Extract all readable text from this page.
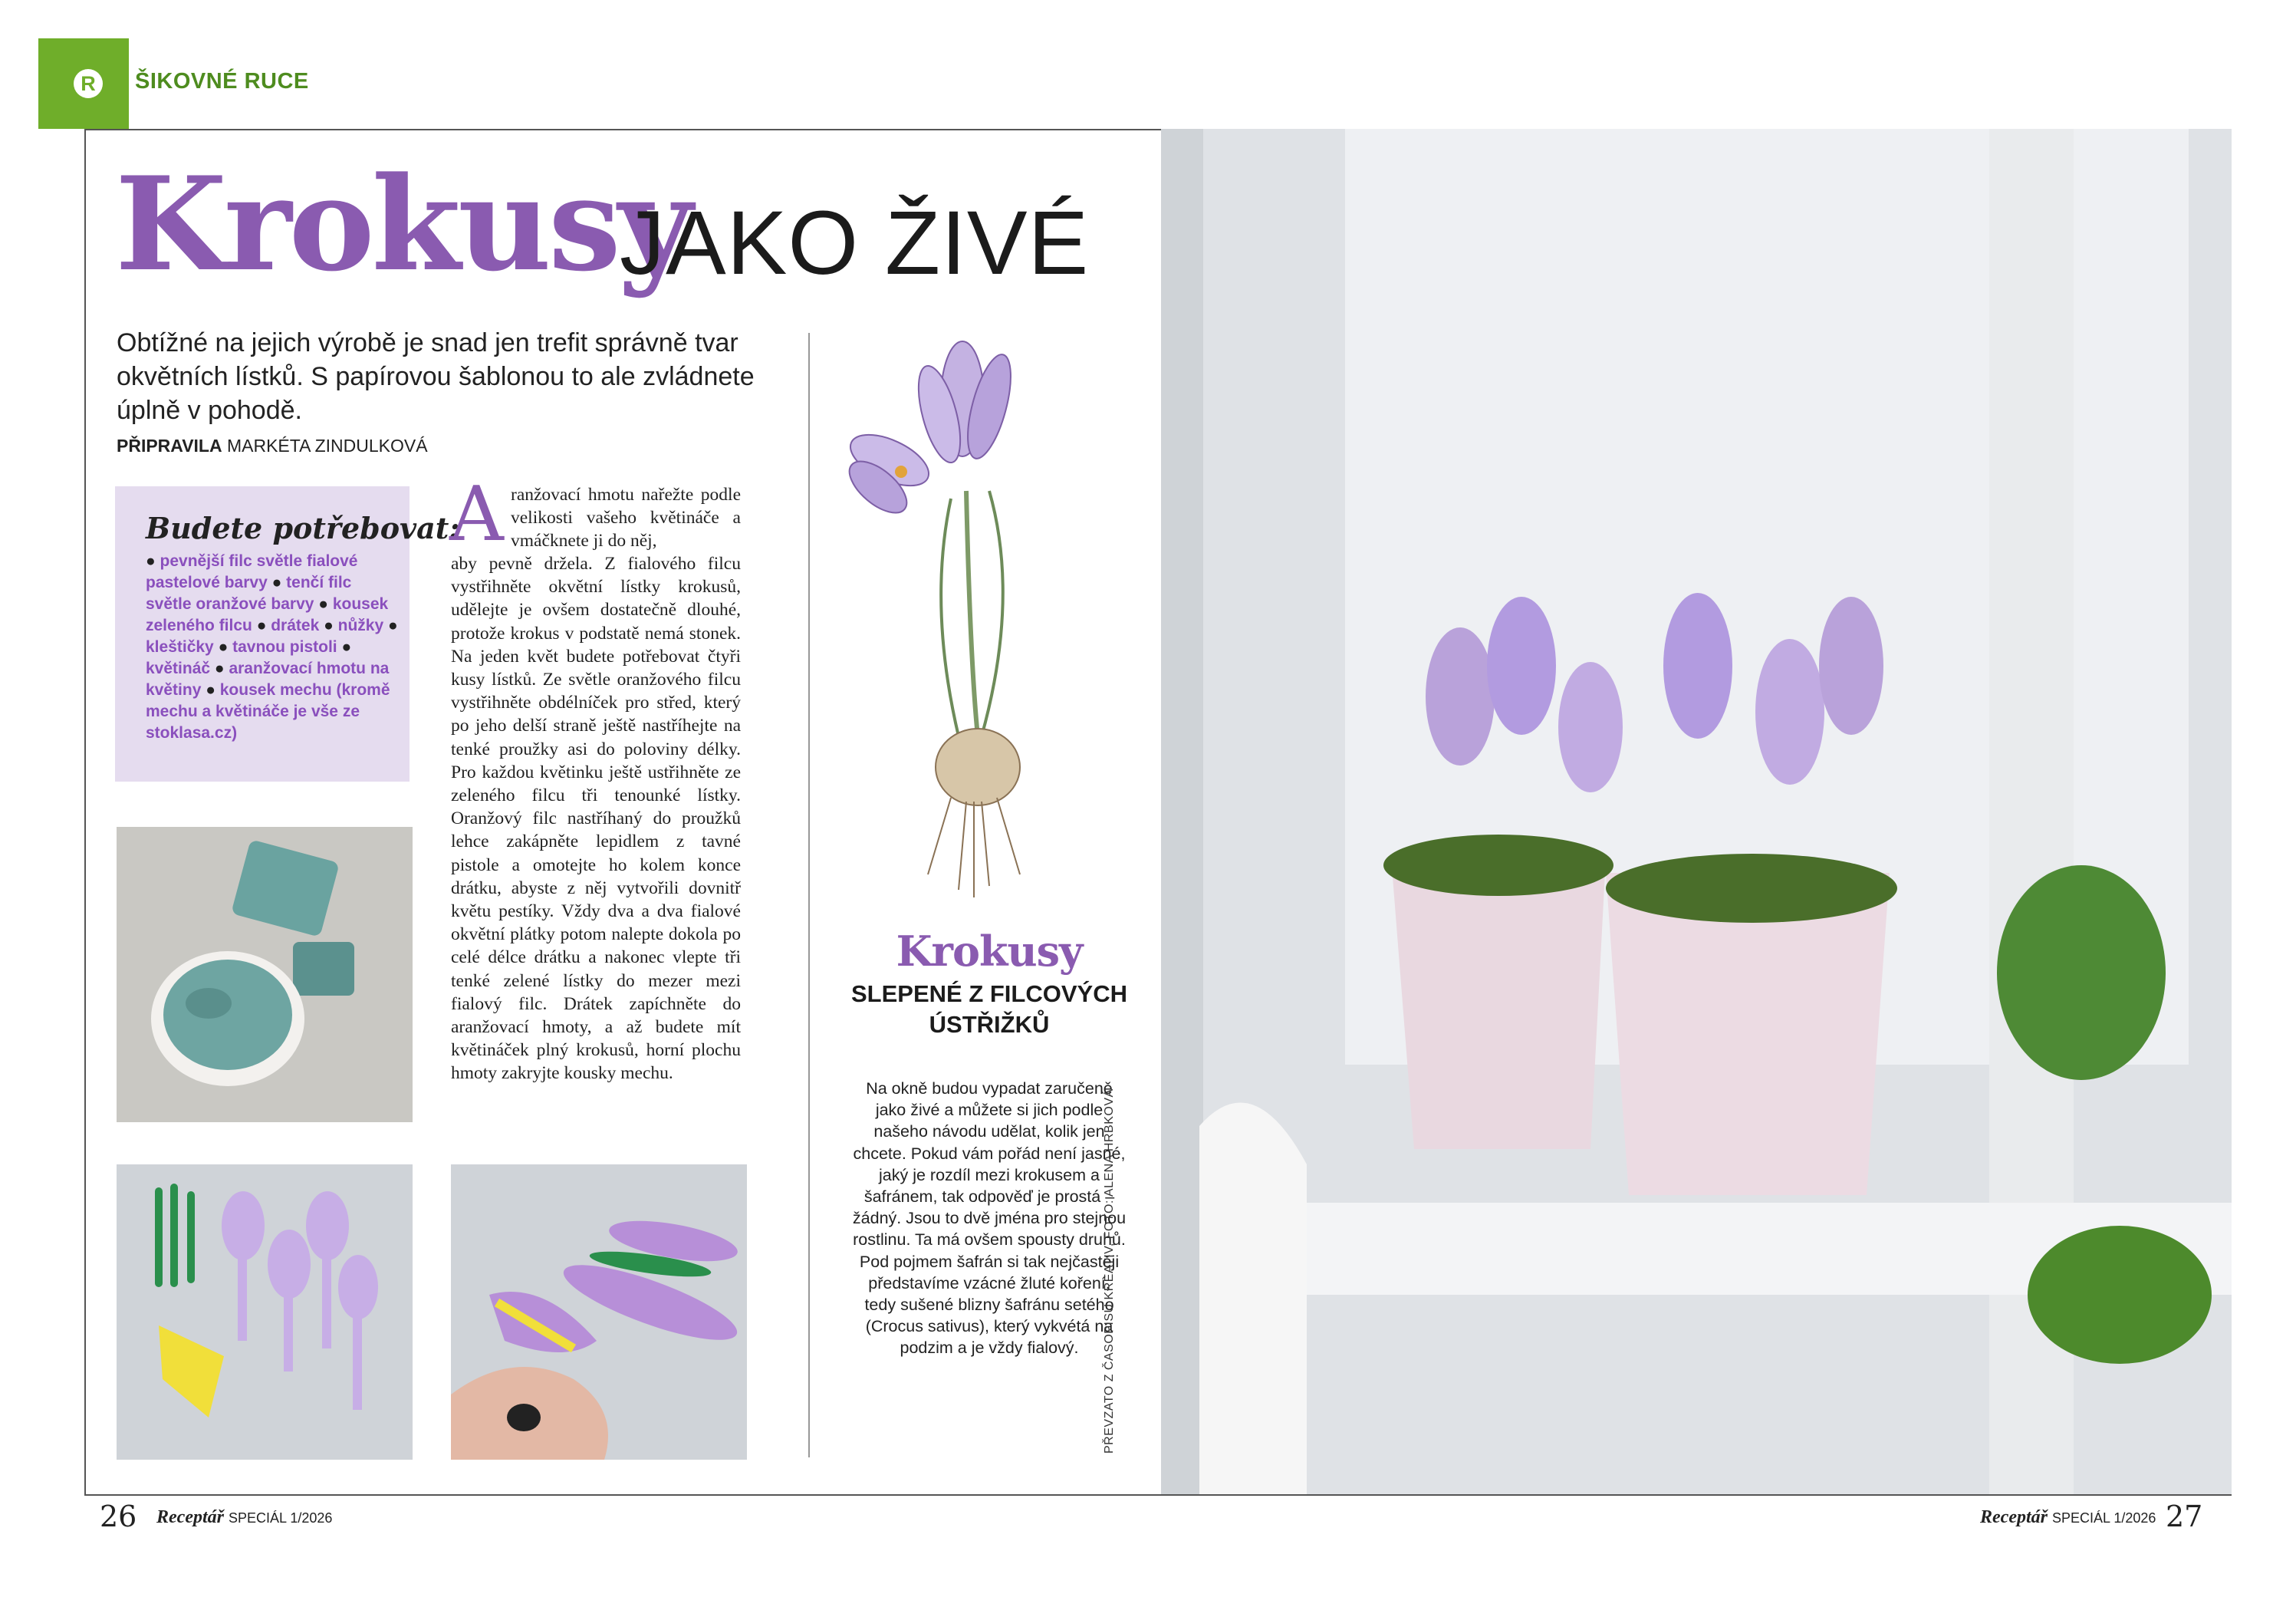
R	ŠIKOVNÉ RUCE
Krokusy
JAKO ŽIVÉ
Obtížné na jejich výrobě je snad jen trefit správně tvar okvětních lístků. S papírovou šablonou to ale zvládnete úplně v pohodě.
PŘIPRAVILA MARKÉTA ZINDULKOVÁ
Budete potřebovat:
● pevnější filc světle fialové pastelové barvy ● tenčí filc světle oranžové barvy ● kousek zeleného filcu ● drátek ● nůžky ● kleštičky ● tavnou pistoli ● květináč ● aranžovací hmotu na květiny ● kousek mechu (kromě mechu a květináče je vše ze stoklasa.cz)
A ranžovací hmotu nařežte podle velikosti vašeho květináče a vmáčknete ji do něj,
aby pevně držela. Z fialového filcu vystřihněte okvětní lístky krokusů, udělejte je ovšem dostatečně dlouhé, protože krokus v podstatě nemá stonek. Na jeden květ budete potřebovat čtyři kusy lístků. Ze světle oranžového filcu vystřihněte obdélníček pro střed, který po jeho delší straně ještě nastříhejte na tenké proužky asi do poloviny délky. Pro každou květinku ještě ustřihněte ze zeleného filcu tři tenounké lístky. Oranžový filc nastříhaný do proužků lehce zakápněte lepidlem z tavné pistole a omotejte ho kolem konce drátku, abyste z něj vytvořili dovnitř květu pestíky. Vždy dva a dva fialové okvětní plátky potom nalepte dokola po celé délce drátku a nakonec vlepte tři tenké zelené lístky do mezer mezi fialový filc. Drátek zapíchněte do aranžovací hmoty, a až budete mít květináček plný krokusů, horní plochu hmoty zakryjte kousky mechu.
Krokusy
SLEPENÉ Z FILCOVÝCH ÚSTŘIŽKŮ
Na okně budou vypadat zaručeně jako živé a můžete si jich podle našeho návodu udělat, kolik jen chcete. Pokud vám pořád není jasné, jaký je rozdíl mezi krokusem a šafránem, tak odpověď je prostá – žádný. Jsou to dvě jména pro stejnou rostlinu. Ta má ovšem spousty druhů. Pod pojmem šafrán si tak nejčastěji představíme vzácné žluté koření, tedy sušené blizny šafránu setého (Crocus sativus), který vykvétá na podzim a je vždy fialový.	PŘEVZATO Z ČASOPISU KREATIV, FOTO: ALENA HRBKOVÁ
26 Receptář SPECIÁL 1/2026	Receptář SPECIÁL 1/2026 27
